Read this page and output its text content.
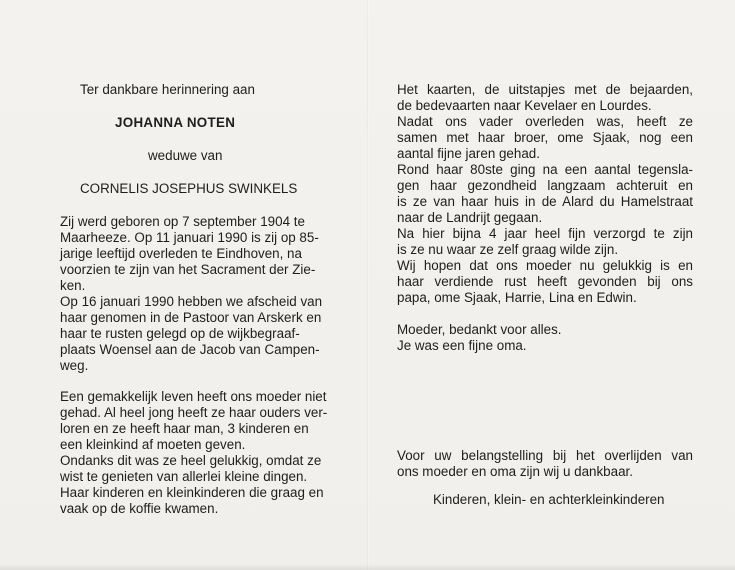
Ter dankbare herinnering aan
JOHANNA NOTEN
weduwe van
CORNELIS JOSEPHUS SWINKELS
Zij werd geboren op 7 september 1904 te
Maarheeze. Op 11 januari 1990 is zij op 85-
jarige leeftijd overleden te Eindhoven, na
voorzien te zijn van het Sacrament der Zie-
ken.
Op 16 januari 1990 hebben we afscheid van
haar genomen in de Pastoor van Arskerk en
haar te rusten gelegd op de wijkbegraaf-
plaats Woensel aan de Jacob van Campen-
weg.
Een gemakkelijk leven heeft ons moeder niet
gehad. Al heel jong heeft ze haar ouders ver-
loren en ze heeft haar man, 3 kinderen en
een kleinkind af moeten geven.
Ondanks dit was ze heel gelukkig, omdat ze
wist te genieten van allerlei kleine dingen.
Haar kinderen en kleinkinderen die graag en
vaak op de koffie kwamen.
Het kaarten, de uitstapjes met de bejaarden,
de bedevaarten naar Kevelaer en Lourdes.
Nadat ons vader overleden was, heeft ze
samen met haar broer, ome Sjaak, nog een
aantal fijne jaren gehad.
Rond haar 80ste ging na een aantal tegensla-
gen haar gezondheid langzaam achteruit en
is ze van haar huis in de Alard du Hamelstraat
naar de Landrijt gegaan.
Na hier bijna 4 jaar heel fijn verzorgd te zijn
is ze nu waar ze zelf graag wilde zijn.
Wij hopen dat ons moeder nu gelukkig is en
haar verdiende rust heeft gevonden bij ons
papa, ome Sjaak, Harrie, Lina en Edwin.
Moeder, bedankt voor alles.
Je was een fijne oma.
Voor uw belangstelling bij het overlijden van
ons moeder en oma zijn wij u dankbaar.
Kinderen, klein- en achterkleinkinderen
